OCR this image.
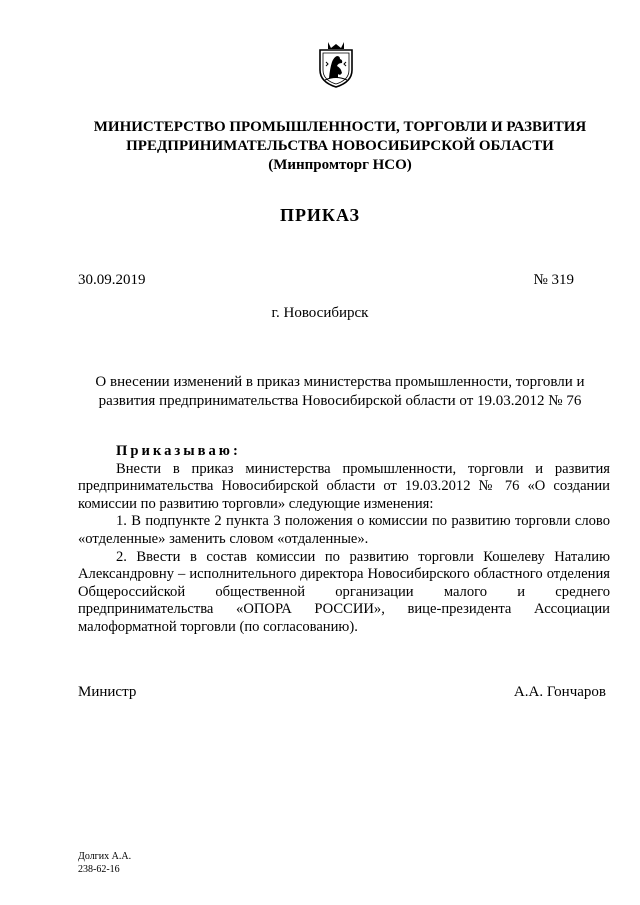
МИНИСТЕРСТВО ПРОМЫШЛЕННОСТИ, ТОРГОВЛИ И РАЗВИТИЯ
ПРЕДПРИНИМАТЕЛЬСТВА НОВОСИБИРСКОЙ ОБЛАСТИ
(Минпромторг НСО)
ПРИКАЗ
30.09.2019	№ 319
г. Новосибирск
О внесении изменений в приказ министерства промышленности, торговли и
развития предпринимательства Новосибирской области от 19.03.2012 № 76
Приказываю:

Внести в приказ министерства промышленности, торговли и развития предпринимательства Новосибирской области от 19.03.2012 № 76 «О создании комиссии по развитию торговли» следующие изменения:

1. В подпункте 2 пункта 3 положения о комиссии по развитию торговли слово «отделенные» заменить словом «отдаленные».

2. Ввести в состав комиссии по развитию торговли Кошелеву Наталию Александровну – исполнительного директора Новосибирского областного отделения Общероссийской общественной организации малого и среднего предпринимательства «ОПОРА РОССИИ», вице-президента Ассоциации малоформатной торговли (по согласованию).

Министр	А.А. Гончаров
Долгих А.А.
238-62-16
